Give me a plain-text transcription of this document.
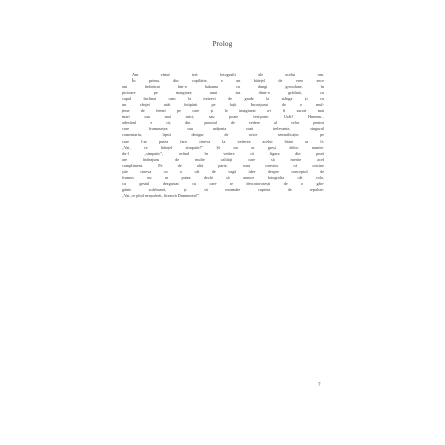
Prolog
Am văzut trei fotografii ale acelui om.
În prima, din copilărie, e un băiețel de vreo zece
ani îmbrăcat într-o hakama cu dungi grosolane, în
picioare pe marginea unui iaz dintr-o grădină, cu
capul înclinat cam la treizeci de grade la stânga și cu
un rânjet urât întipărit pe față. Inconjurat de o mul-
țime de femei pe care și le imaginezi a-i fi surori mai
mari sau mai mici, sau poate verișoare. Urât? Hmmm...
adevărul e că, din punctul de vedere al celor pentru
care frumusețea sau urâțenia sunt irelevante, singurul
comentariu, lipsit desigur de orice semnificație, pe
care l-ar putea face cineva la vederea acelui băiat ar fi:
„Vai, ce băiețel simpatic!” Și nu ar greși deloc numin-
du-l „simpatic”, având în vedere că figura din poză
are îndeajuns de multe calități care să merite acel
compliment. Pe de altă parte, sunt convins că oricine
știe cineva cu o cât de vagă idee despre conceptul de
frumos nu ar putea decât să arunce fotografia cât colo,
cu gestul dezgustat cu care te descotorosești de o gân-
gănie scârboasă, și să mormăie cuprins de repulsie:
„Vai, ce plod neușuferit, firească Dumnezeu!”
7
